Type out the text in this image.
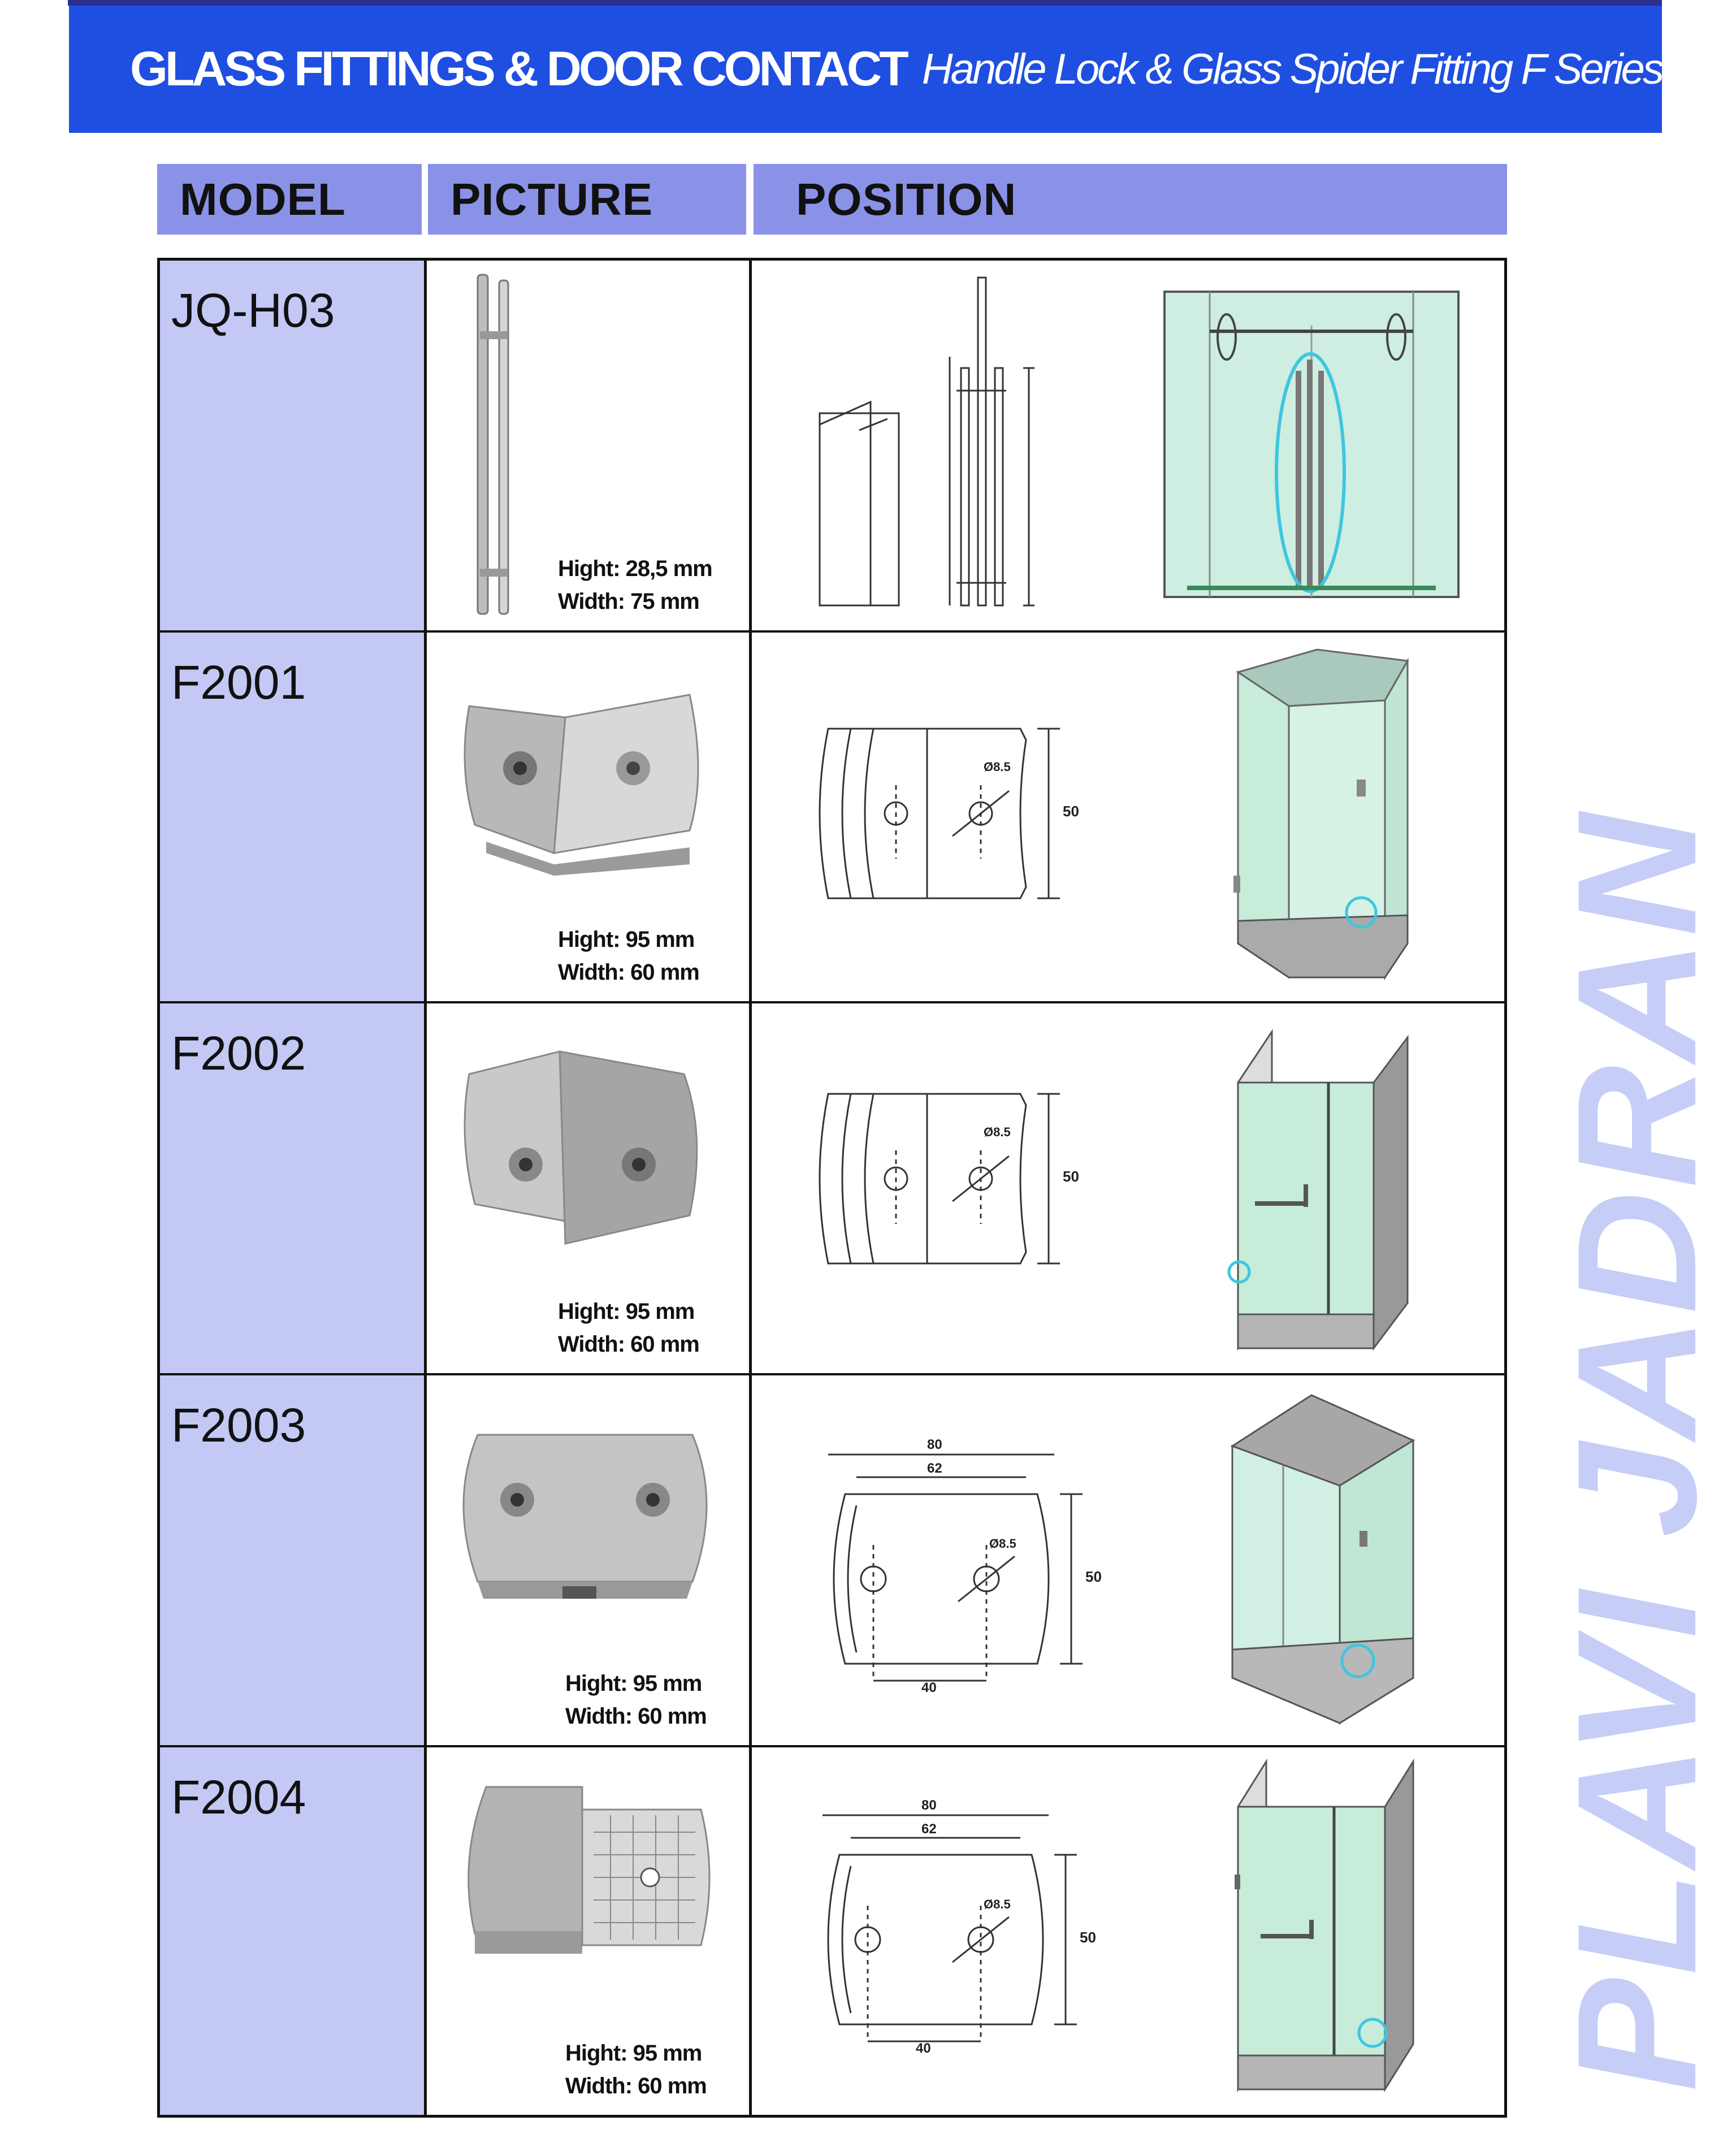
GLASS FITTINGS & DOOR CONTACT Handle Lock & Glass Spider Fitting F Series
MODEL PICTURE	POSITION
JQ-H03
Hight: 28,5 mm
Width: 75 mm
F2001
Hight: 95 mm
Width: 60 mm
Ø8.5
50
F2002
Hight: 95 mm
Width: 60 mm
Ø8.5
50
F2003
Hight: 95 mm
Width: 60 mm
80
62
Ø8.5
50
40
F2004
Hight: 95 mm
Width: 60 mm
80
62
Ø8.5
50
40	PLAVI JADRAN
